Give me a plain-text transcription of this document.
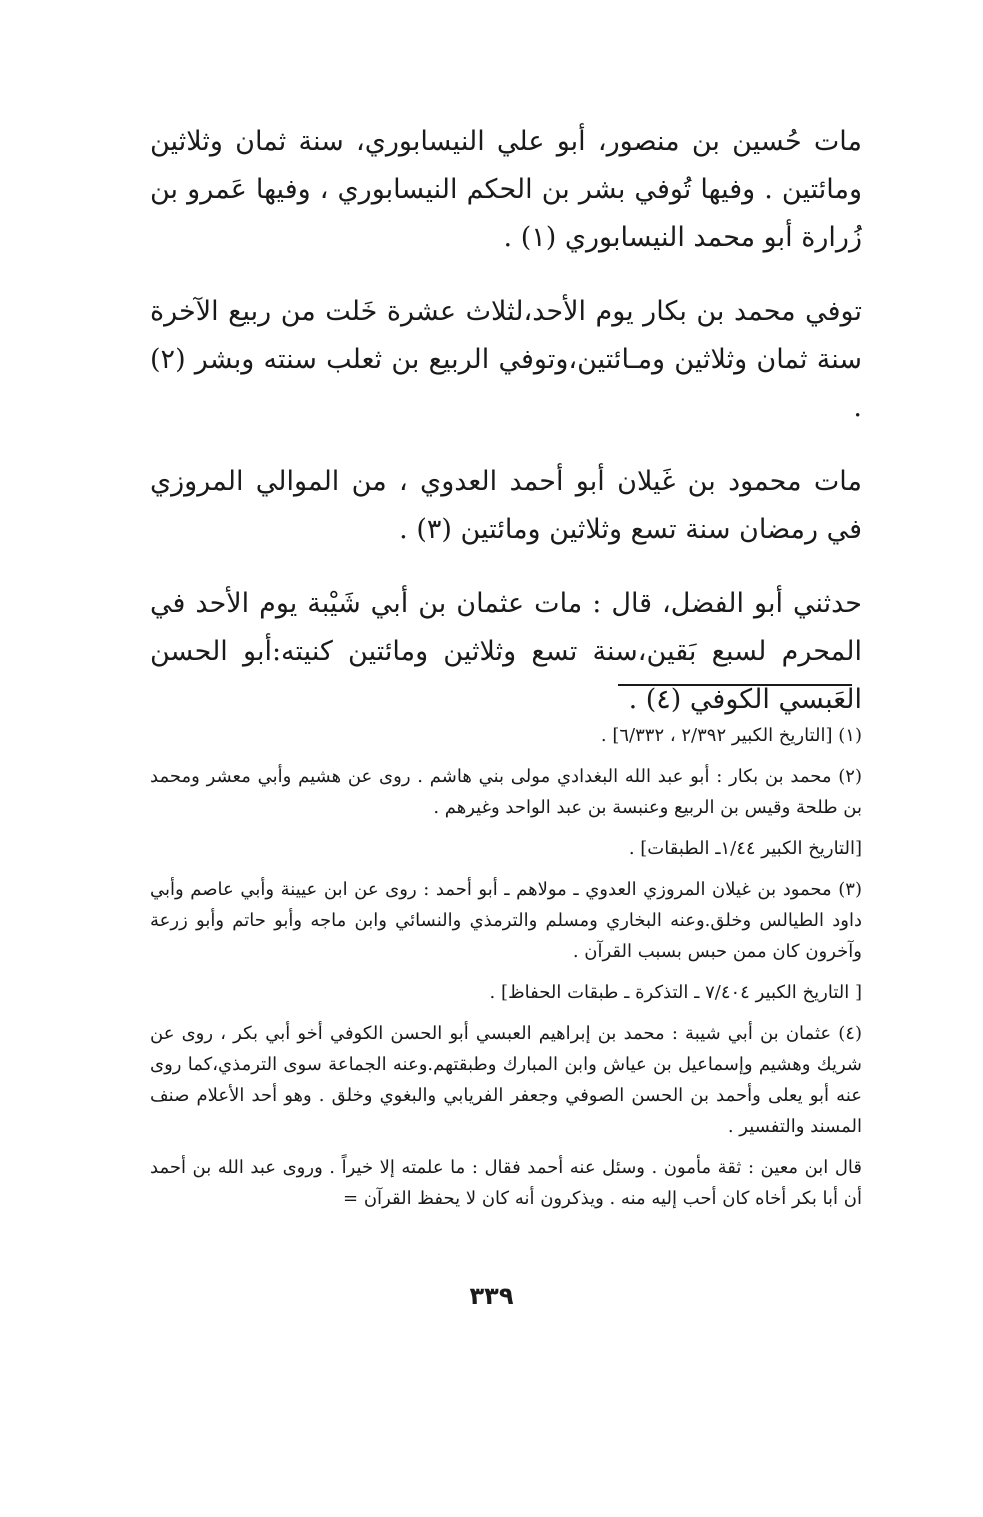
مات حُسين بن منصور، أبو علي النيسابوري، سنة ثمان وثلاثين ومائتين . وفيها تُوفي بشر بن الحكم النيسابوري ، وفيها عَمرو بن زُرارة أبو محمد النيسابوري (١) .

توفي محمد بن بكار يوم الأحد،لثلاث عشرة خَلت من ربيع الآخرة سنة ثمان وثلاثين ومـائتين،وتوفي الربيع بن ثعلب سنته وبشر (٢) .

مات محمود بن غَيلان أبو أحمد العدوي ، من الموالي المروزي في رمضان سنة تسع وثلاثين ومائتين (٣) .

حدثني أبو الفضل، قال : مات عثمان بن أبي شَيْبة يوم الأحد في المحرم لسبع بَقين،سنة تسع وثلاثين ومائتين كنيته:أبو الحسن العَبسي الكوفي (٤) .

(١) [التاريخ الكبير ٢/٣٩٢ ، ٦/٣٣٢] .

(٢) محمد بن بكار : أبو عبد الله البغدادي مولى بني هاشم . روى عن هشيم وأبي معشر ومحمد بن طلحة وقيس بن الربيع وعنبسة بن عبد الواحد وغيرهم .

[التاريخ الكبير ١/٤٤ـ الطبقات] .

(٣) محمود بن غيلان المروزي العدوي ـ مولاهم ـ أبو أحمد : روى عن ابن عيينة وأبي عاصم وأبي داود الطيالس وخلق.وعنه البخاري ومسلم والترمذي والنسائي وابن ماجه وأبو حاتم وأبو زرعة وآخرون كان ممن حبس بسبب القرآن .

[ التاريخ الكبير ٧/٤٠٤ ـ التذكرة ـ طبقات الحفاظ] .

(٤) عثمان بن أبي شيبة : محمد بن إبراهيم العبسي أبو الحسن الكوفي أخو أبي بكر ، روى عن شريك وهشيم وإسماعيل بن عياش وابن المبارك وطبقتهم.وعنه الجماعة سوى الترمذي،كما روى عنه أبو يعلى وأحمد بن الحسن الصوفي وجعفر الفريابي والبغوي وخلق . وهو أحد الأعلام صنف المسند والتفسير .

قال ابن معين : ثقة مأمون . وسئل عنه أحمد فقال : ما علمته إلا خيراً . وروى عبد الله بن أحمد أن أبا بكر أخاه كان أحب إليه منه . ويذكرون أنه كان لا يحفظ القرآن =

٣٣٩
